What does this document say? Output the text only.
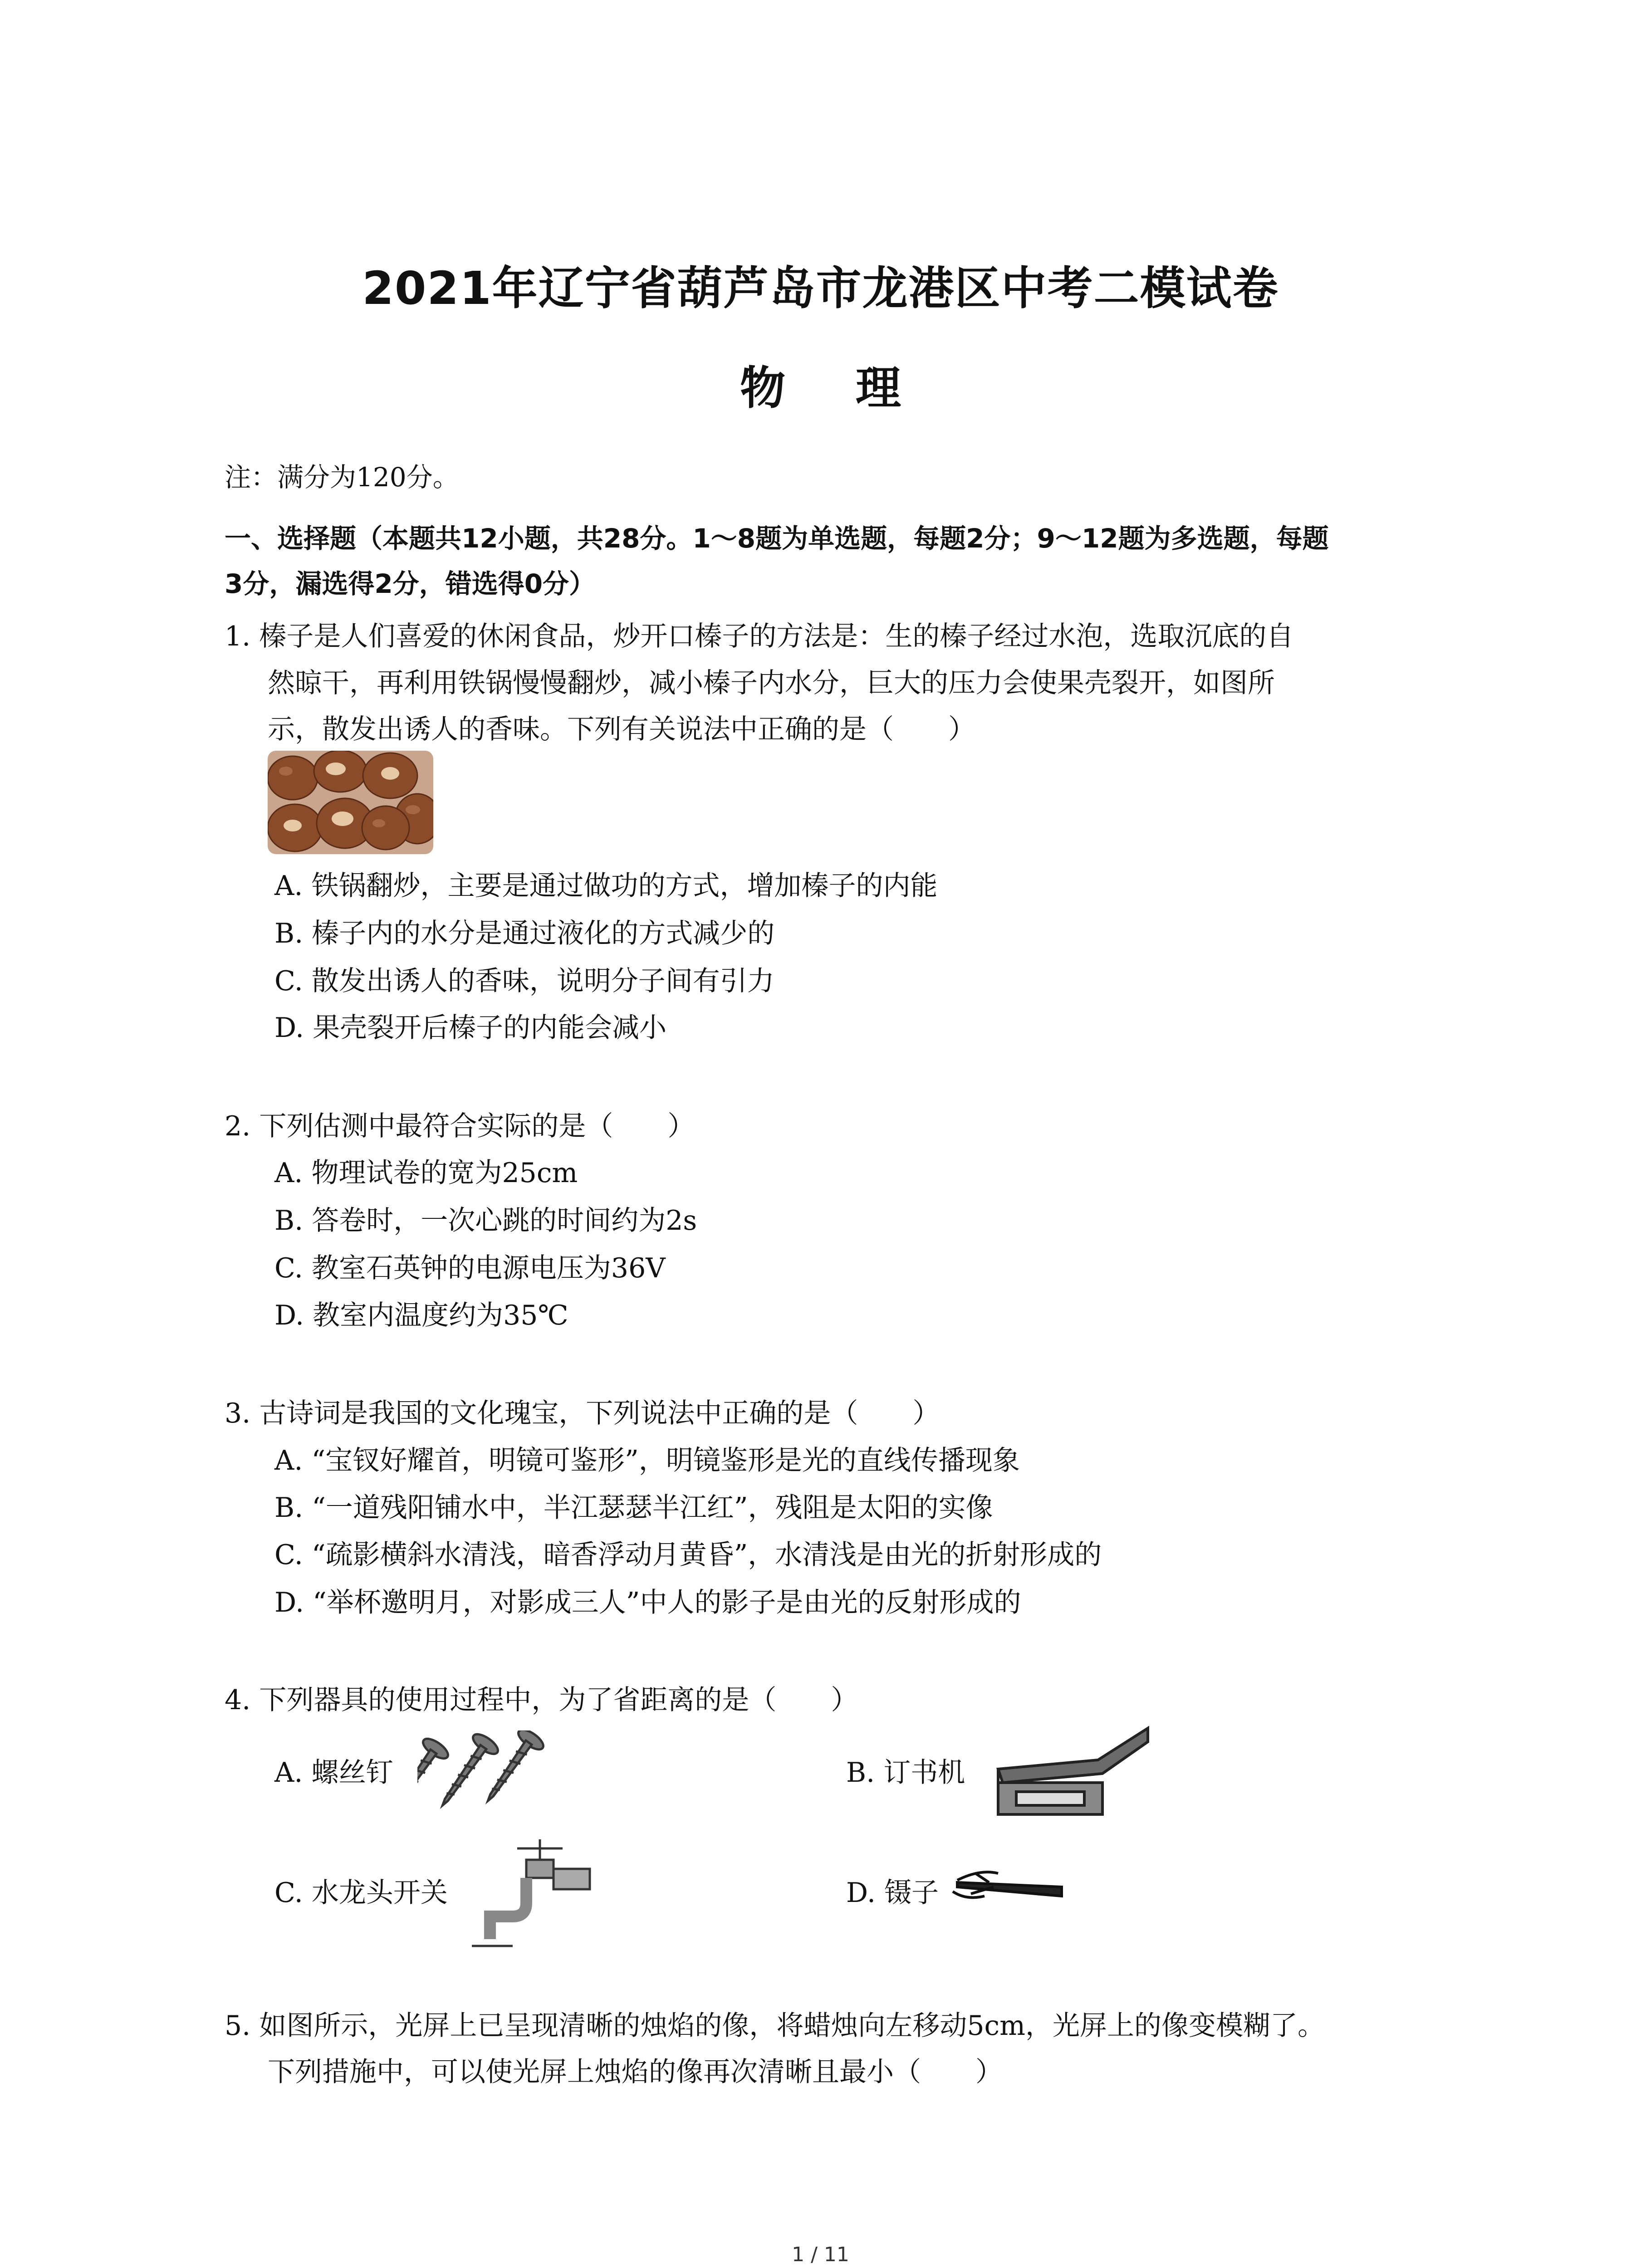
2021年辽宁省葫芦岛市龙港区中考二模试卷
物 理
注：满分为120分。
一、选择题（本题共12小题，共28分。1～8题为单选题，每题2分；9～12题为多选题，每题
3分，漏选得2分，错选得0分）
1. 榛子是人们喜爱的休闲食品，炒开口榛子的方法是：生的榛子经过水泡，选取沉底的自
然晾干，再利用铁锅慢慢翻炒，减小榛子内水分，巨大的压力会使果壳裂开，如图所
示，散发出诱人的香味。下列有关说法中正确的是（　　）
A. 铁锅翻炒，主要是通过做功的方式，增加榛子的内能
B. 榛子内的水分是通过液化的方式减少的
C. 散发出诱人的香味，说明分子间有引力
D. 果壳裂开后榛子的内能会减小
2. 下列估测中最符合实际的是（　　）
A. 物理试卷的宽为25cm
B. 答卷时，一次心跳的时间约为2s
C. 教室石英钟的电源电压为36V
D. 教室内温度约为35℃
3. 古诗词是我国的文化瑰宝，下列说法中正确的是（　　）
A. “宝钗好耀首，明镜可鉴形”，明镜鉴形是光的直线传播现象
B. “一道残阳铺水中，半江瑟瑟半江红”，残阻是太阳的实像
C. “疏影横斜水清浅，暗香浮动月黄昏”，水清浅是由光的折射形成的
D. “举杯邀明月，对影成三人”中人的影子是由光的反射形成的
4. 下列器具的使用过程中，为了省距离的是（　　）
A. 螺丝钉	B. 订书机
C. 水龙头开关	D. 镊子
5. 如图所示，光屏上已呈现清晰的烛焰的像，将蜡烛向左移动5cm，光屏上的像变模糊了。
下列措施中，可以使光屏上烛焰的像再次清晰且最小（　　）
1 / 11
